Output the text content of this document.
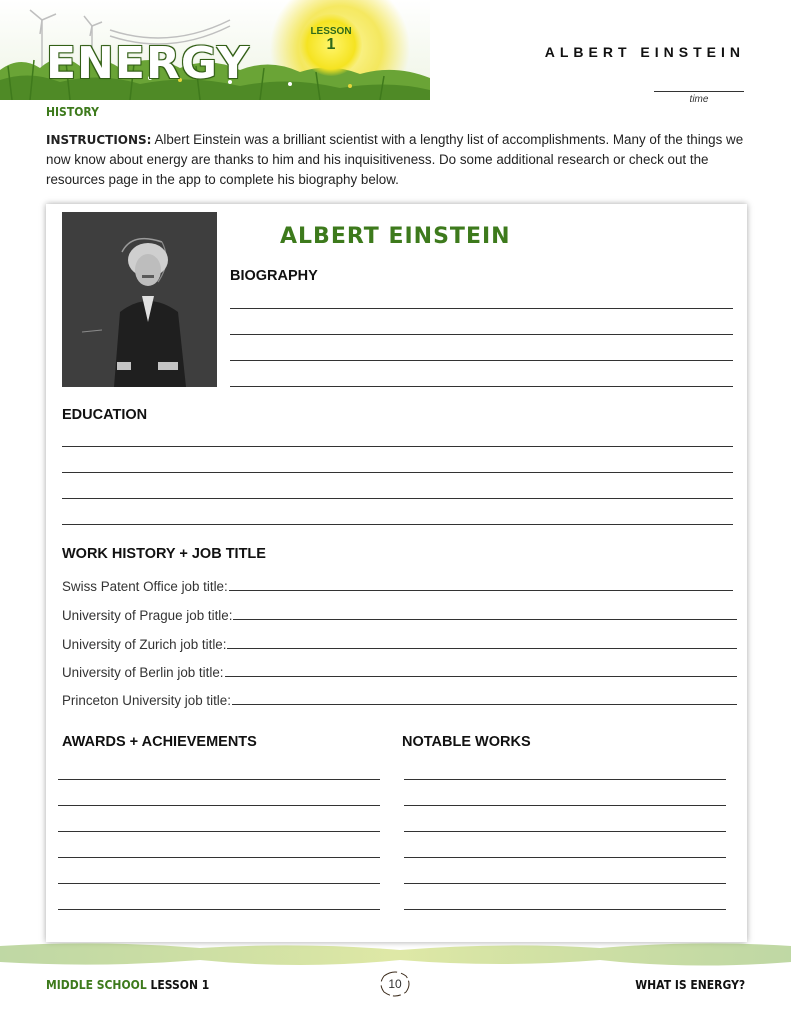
ENERGY
LESSON
1	ALBERT EINSTEIN
time
HISTORY
INSTRUCTIONS: Albert Einstein was a brilliant scientist with a lengthy list of accomplishments. Many of the things we now know about energy are thanks to him and his inquisitiveness. Do some additional research or check out the resources page in the app to complete his biography below.
ALBERT EINSTEIN
BIOGRAPHY
EDUCATION
WORK HISTORY + JOB TITLE
Swiss Patent Office job title:
University of Prague job title:
University of Zurich job title:
University of Berlin job title:
Princeton University job title:
AWARDS + ACHIEVEMENTS	NOTABLE WORKS
MIDDLE SCHOOL LESSON 1	10	WHAT IS ENERGY?
